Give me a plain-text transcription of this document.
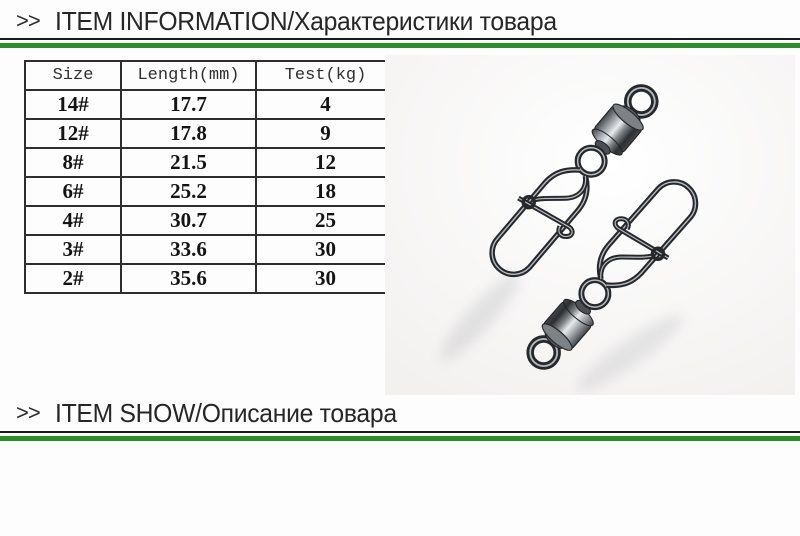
>> ITEM INFORMATION/Характеристики товара
Size	Length(mm)	Test(kg)
14#	17.7	4
12#	17.8	9
8#	21.5	12
6#	25.2	18
4#	30.7	25
3#	33.6	30
2#	35.6	30
>> ITEM SHOW/Описание товара
